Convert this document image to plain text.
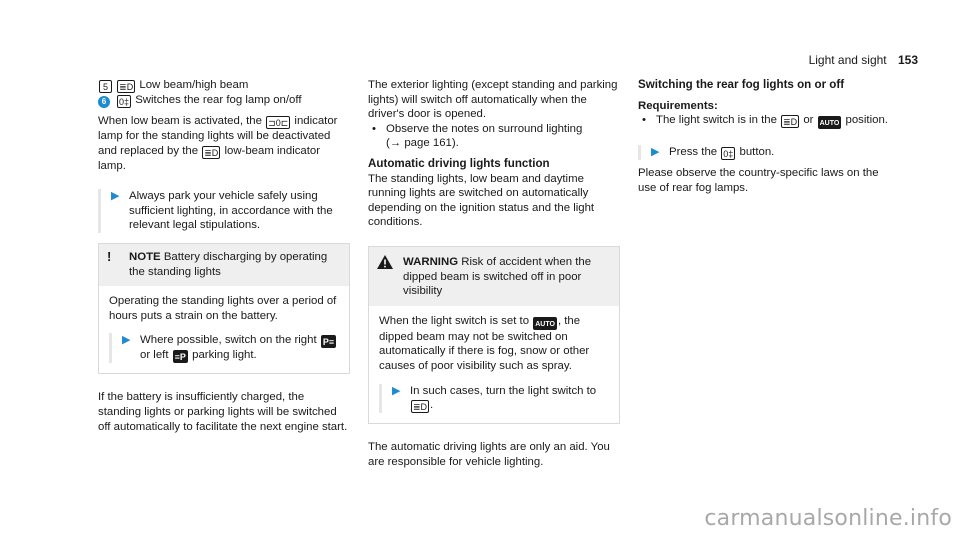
Light and sight 153

5 ≣D Low beam/high beam

6 0‡ Switches the rear fog lamp on/off

When low beam is activated, the ⊐0⊏ indicator lamp for the standing lights will be deactivated and replaced by the ≣D low-beam indicator lamp.

▶ Always park your vehicle safely using sufficient lighting, in accordance with the relevant legal stipulations.
!	NOTE Battery discharging by operating the standing lights

Operating the standing lights over a period of hours puts a strain on the battery.

▶ Where possible, switch on the right P≡ or left ≡P parking light.

If the battery is insufficiently charged, the standing lights or parking lights will be switched off automatically to facilitate the next engine start.

The exterior lighting (except standing and parking lights) will switch off automatically when the driver's door is opened.

• Observe the notes on surround lighting
(→ page 161).

Automatic driving lights function

The standing lights, low beam and daytime running lights are switched on automatically depending on the ignition status and the light conditions.

WARNING Risk of accident when the dipped beam is switched off in poor visibility

When the light switch is set to AUTO , the dipped beam may not be switched on automatically if there is fog, snow or other causes of poor visibility such as spray.

▶ In such cases, turn the light switch to
≣D .

The automatic driving lights are only an aid. You are responsible for vehicle lighting.

Switching the rear fog lights on or off

Requirements:

• The light switch is in the ≣D or AUTO position.
▶ Press the 0‡ button.

Please observe the country-specific laws on the use of rear fog lamps.

carmanualsonline.info
